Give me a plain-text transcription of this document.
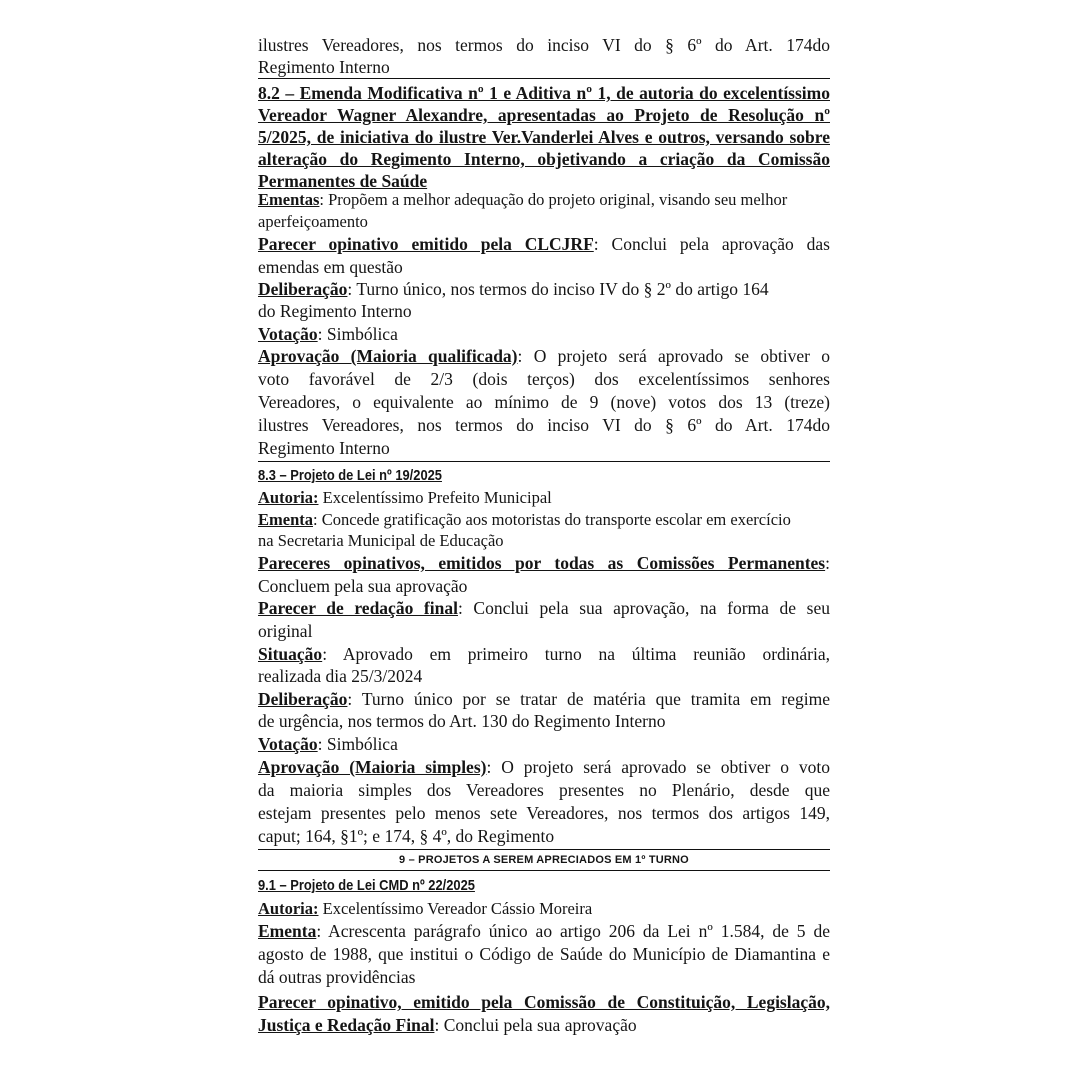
ilustres Vereadores, nos termos do inciso VI do § 6º do Art. 174do
Regimento Interno
8.2 – Emenda Modificativa nº 1 e Aditiva nº 1, de autoria do excelentíssimo
Vereador Wagner Alexandre, apresentadas ao Projeto de Resolução nº
5/2025, de iniciativa do ilustre Ver.Vanderlei Alves e outros, versando sobre
alteração do Regimento Interno, objetivando a criação da Comissão
Permanentes de Saúde
Ementas: Propõem a melhor adequação do projeto original, visando seu melhor
aperfeiçoamento
Parecer opinativo emitido pela CLCJRF: Conclui pela aprovação das
emendas em questão
Deliberação: Turno único, nos termos do inciso IV do § 2º do artigo 164
do Regimento Interno
Votação: Simbólica
Aprovação (Maioria qualificada): O projeto será aprovado se obtiver o
voto favorável de 2/3 (dois terços) dos excelentíssimos senhores
Vereadores, o equivalente ao mínimo de 9 (nove) votos dos 13 (treze)
ilustres Vereadores, nos termos do inciso VI do § 6º do Art. 174do
Regimento Interno
8.3 – Projeto de Lei nº 19/2025
Autoria: Excelentíssimo Prefeito Municipal
Ementa: Concede gratificação aos motoristas do transporte escolar em exercício
na Secretaria Municipal de Educação
Pareceres opinativos, emitidos por todas as Comissões Permanentes:
Concluem pela sua aprovação
Parecer de redação final: Conclui pela sua aprovação, na forma de seu
original
Situação: Aprovado em primeiro turno na última reunião ordinária,
realizada dia 25/3/2024
Deliberação: Turno único por se tratar de matéria que tramita em regime
de urgência, nos termos do Art. 130 do Regimento Interno
Votação: Simbólica
Aprovação (Maioria simples): O projeto será aprovado se obtiver o voto
da maioria simples dos Vereadores presentes no Plenário, desde que
estejam presentes pelo menos sete Vereadores, nos termos dos artigos 149,
caput; 164, §1º; e 174, § 4º, do Regimento
9 – PROJETOS A SEREM APRECIADOS EM 1º TURNO
9.1 – Projeto de Lei CMD nº 22/2025
Autoria: Excelentíssimo Vereador Cássio Moreira
Ementa: Acrescenta parágrafo único ao artigo 206 da Lei nº 1.584, de 5 de
agosto de 1988, que institui o Código de Saúde do Município de Diamantina e
dá outras providências
Parecer opinativo, emitido pela Comissão de Constituição, Legislação,
Justiça e Redação Final: Conclui pela sua aprovação
